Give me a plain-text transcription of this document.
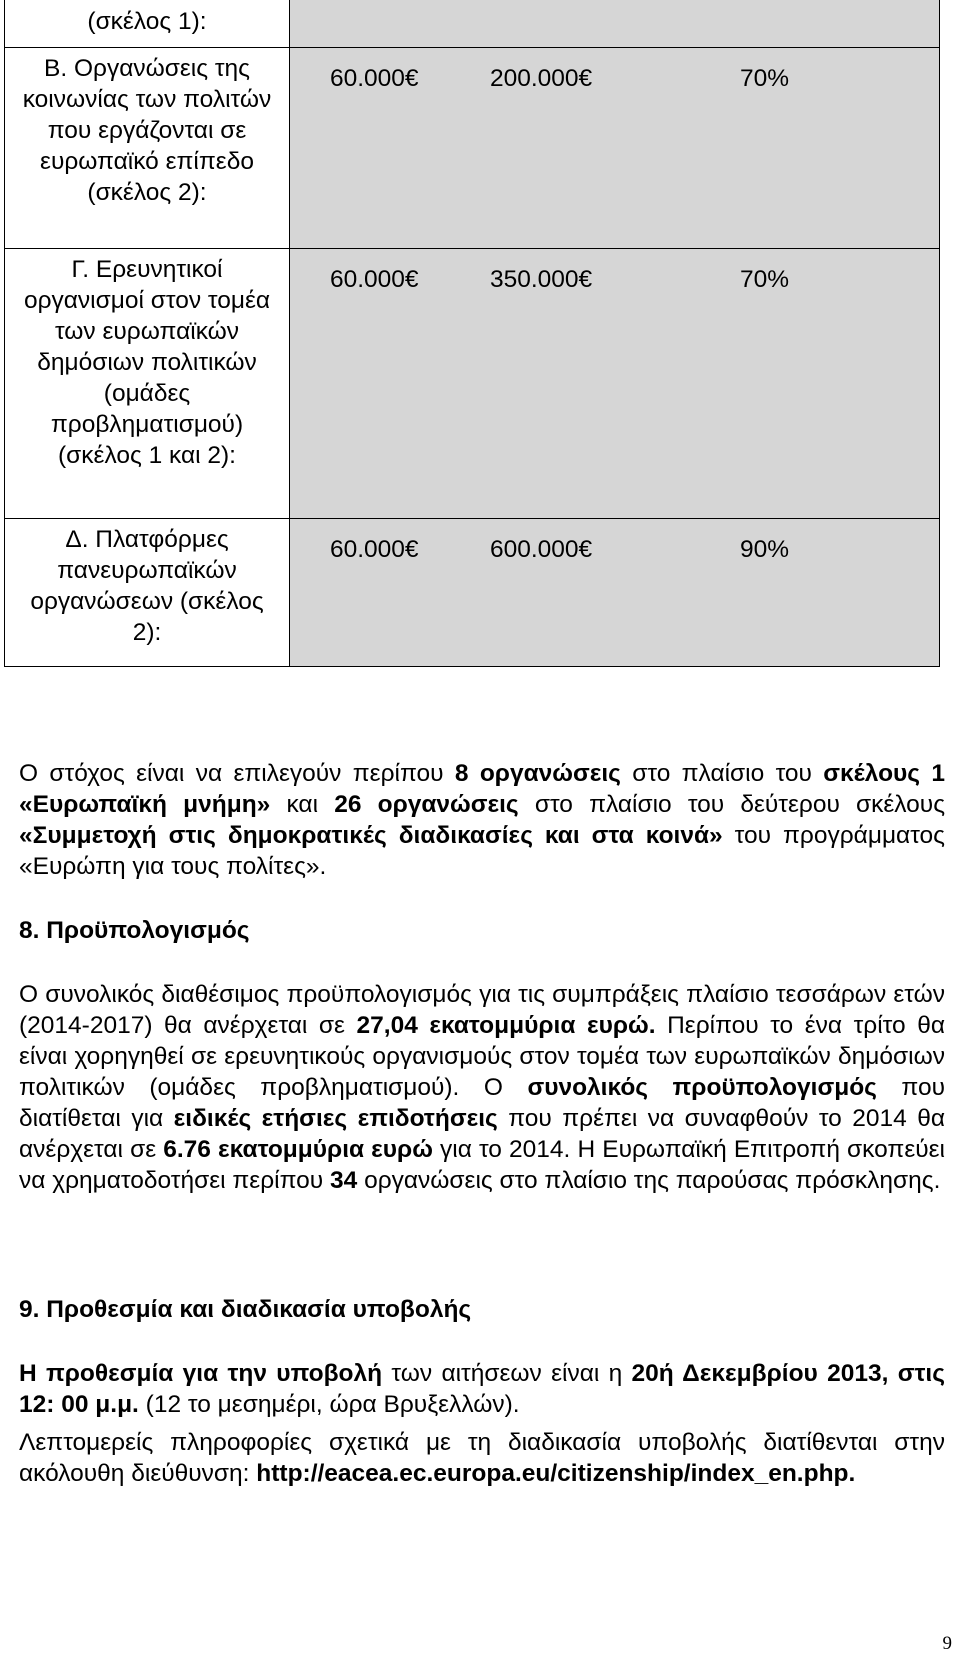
(σκέλος 1):	

Β. Οργανώσεις της κοινωνίας των πολιτών που εργάζονται σε ευρωπαϊκό επίπεδο (σκέλος 2):	60.000€ 200.000€ 70%

Γ. Ερευνητικοί οργανισμοί στον τομέα των ευρωπαϊκών δημόσιων πολιτικών (ομάδες προβληματισμού) (σκέλος 1 και 2):	60.000€ 350.000€ 70%

Δ. Πλατφόρμες πανευρωπαϊκών οργανώσεων (σκέλος 2):	60.000€ 600.000€ 90%

Ο στόχος είναι να επιλεγούν περίπου 8 οργανώσεις στο πλαίσιο του σκέλους 1 «Ευρωπαϊκή μνήμη» και 26 οργανώσεις στο πλαίσιο του δεύτερου σκέλους «Συμμετοχή στις δημοκρατικές διαδικασίες και στα κοινά» του προγράμματος «Ευρώπη για τους πολίτες».

8. Προϋπολογισμός

Ο συνολικός διαθέσιμος προϋπολογισμός για τις συμπράξεις πλαίσιο τεσσάρων ετών (2014-2017) θα ανέρχεται σε 27,04 εκατομμύρια ευρώ. Περίπου το ένα τρίτο θα είναι χορηγηθεί σε ερευνητικούς οργανισμούς στον τομέα των ευρωπαϊκών δημόσιων πολιτικών (ομάδες προβληματισμού). Ο συνολικός προϋπολογισμός που διατίθεται για ειδικές ετήσιες επιδοτήσεις που πρέπει να συναφθούν το 2014 θα ανέρχεται σε 6.76 εκατομμύρια ευρώ για το 2014. Η Ευρωπαϊκή Επιτροπή σκοπεύει να χρηματοδοτήσει περίπου 34 οργανώσεις στο πλαίσιο της παρούσας πρόσκλησης.

9. Προθεσμία και διαδικασία υποβολής

Η προθεσμία για την υποβολή των αιτήσεων είναι η 20ή Δεκεμβρίου 2013, στις 12: 00 μ.μ. (12 το μεσημέρι, ώρα Βρυξελλών).

Λεπτομερείς πληροφορίες σχετικά με τη διαδικασία υποβολής διατίθενται στην ακόλουθη διεύθυνση: http://eacea.ec.europa.eu/citizenship/index_en.php.

9
